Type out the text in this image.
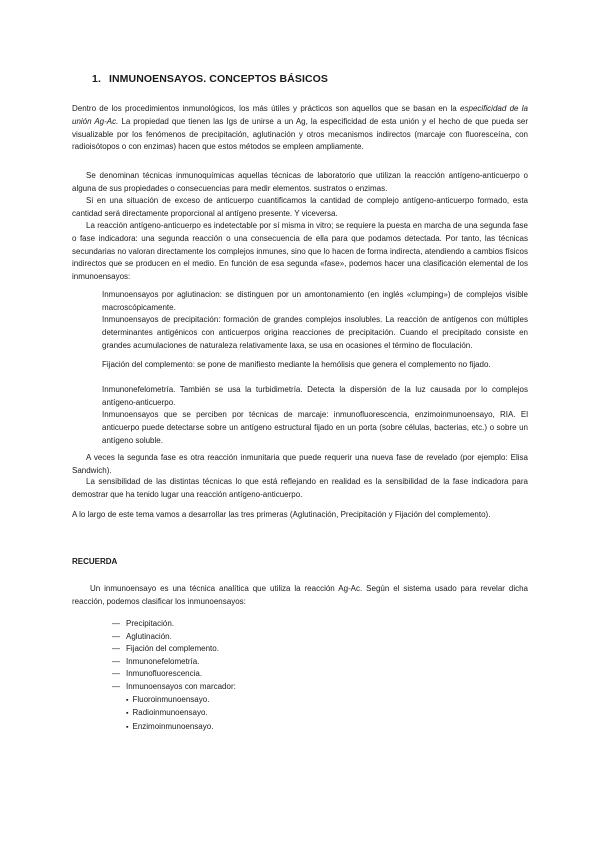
1. INMUNOENSAYOS. CONCEPTOS BÁSICOS
Dentro de los procedimientos inmunológicos, los más útiles y prácticos son aquellos que se basan en la especificidad de la unión Ag-Ac. La propiedad que tienen las Igs de unirse a un Ag, la especificidad de esta unión y el hecho de que pueda ser visualizable por los fenómenos de precipitación, aglutinación y otros mecanismos indirectos (marcaje con fluoresceína, con radioisótopos o con enzimas) hacen que estos métodos se empleen ampliamente.
Se denominan técnicas inmunoquímicas aquellas técnicas de laboratorio que utilizan la reacción antígeno-anticuerpo o alguna de sus propiedades o consecuencias para medir elementos. sustratos o enzimas.
Si en una situación de exceso de anticuerpo cuantificamos la cantidad de complejo antígeno-anticuerpo formado, esta cantidad será directamente proporcional al antígeno presente. Y viceversa.
La reacción antígeno-anticuerpo es indetectable por sí misma in vitro; se requiere la puesta en marcha de una segunda fase o fase indicadora: una segunda reacción o una consecuencia de ella para que podamos detectada. Por tanto, las técnicas secundarias no valoran directamente los complejos inmunes, sino que lo hacen de forma indirecta, atendiendo a cambios físicos indirectos que se producen en el medio. En función de esa segunda «fase», podemos hacer una clasificación elemental de los inmunoensayos:
Inmunoensayos por aglutinacion: se distinguen por un amontonamiento (en inglés «clumping») de complejos visible macroscópicamente.
Inmunoensayos de precipitación: formación de grandes complejos insolubles. La reacción de antígenos con múltiples determinantes antigénicos con anticuerpos origina reacciones de precipitación. Cuando el precipitado consiste en grandes acumulaciones de naturaleza relativamente laxa, se usa en ocasiones el término de floculación.
Fijación del complemento: se pone de manifiesto mediante la hemólisis que genera el complemento no fijado.
Inmunonefelometría. También se usa la turbidimetría. Detecta la dispersión de la luz causada por lo complejos antígeno-anticuerpo.
Inmunoensayos que se perciben por técnicas de marcaje: inmunofluorescencia, enzimoinmunoensayo, RIA. El anticuerpo puede detectarse sobre un antígeno estructural fijado en un porta (sobre células, bacterias, etc.) o sobre un antígeno soluble.
A veces la segunda fase es otra reacción inmunitaria que puede requerir una nueva fase de revelado (por ejemplo: Elisa Sandwich).
La sensibilidad de las distintas técnicas lo que está reflejando en realidad es la sensibilidad de la fase indicadora para demostrar que ha tenido lugar una reacción antígeno-anticuerpo.
A lo largo de este tema vamos a desarrollar las tres primeras (Aglutinación, Precipitación y Fijación del complemento).
RECUERDA
Un inmunoensayo es una técnica analítica que utiliza la reacción Ag-Ac. Según el sistema usado para revelar dicha reacción, podemos clasificar los inmunoensayos:
— Precipitación.
— Aglutinación.
— Fijación del complemento.
— Inmunonefelometría.
— Inmunofluorescencia.
— Inmunoensayos con marcador:
▪ Fluoroinmunoensayo.
▪ Radioinmunoensayo.
▪ Enzimoinmunoensayo.
